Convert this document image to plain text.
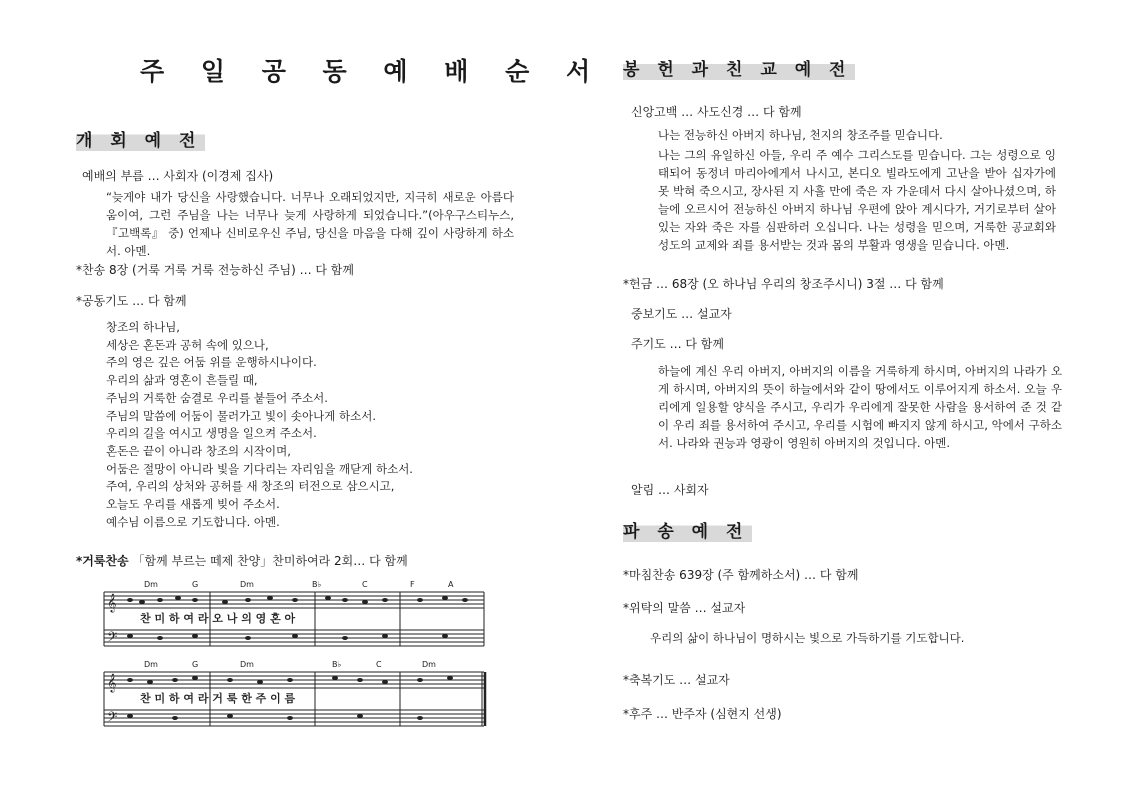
주 일 공 동 예 배 순 서
개 회 예 전
예배의 부름 … 사회자 (이경제 집사)

“늦게야 내가 당신을 사랑했습니다. 너무나 오래되었지만, 지극히 새로운 아름다움이여, 그런 주님을 나는 너무나 늦게 사랑하게 되었습니다.”(아우구스티누스, 『고백록』 중) 언제나 신비로우신 주님, 당신을 마음을 다해 깊이 사랑하게 하소서. 아멘.

*찬송 8장 (거룩 거룩 거룩 전능하신 주님) … 다 함께
*공동기도 … 다 함께
창조의 하나님,
세상은 혼돈과 공허 속에 있으나,
주의 영은 깊은 어둠 위를 운행하시나이다.
우리의 삶과 영혼이 흔들릴 때,
주님의 거룩한 숨결로 우리를 붙들어 주소서.
주님의 말씀에 어둠이 물러가고 빛이 솟아나게 하소서.
우리의 길을 여시고 생명을 일으켜 주소서.
혼돈은 끝이 아니라 창조의 시작이며,
어둠은 절망이 아니라 빛을 기다리는 자리임을 깨닫게 하소서.
주여, 우리의 상처와 공허를 새 창조의 터전으로 삼으시고,
오늘도 우리를 새롭게 빚어 주소서.
예수님 이름으로 기도합니다. 아멘.
*거룩찬송 「함께 부르는 떼제 찬양」찬미하여라 2회… 다 함께
𝄞
𝄢
𝄞
𝄢
Dm	G	Dm	B♭	C	F	A
Dm	G	Dm	B♭	C	Dm
찬 미 하 여 라 오 나 의 영 혼 아
찬 미 하 여 라 거 룩 한 주 이 름
봉 헌 과 친 교 예 전
신앙고백 … 사도신경 … 다 함께
나는 전능하신 아버지 하나님, 천지의 창조주를 믿습니다.

나는 그의 유일하신 아들, 우리 주 예수 그리스도를 믿습니다. 그는 성령으로 잉태되어 동정녀 마리아에게서 나시고, 본디오 빌라도에게 고난을 받아 십자가에 못 박혀 죽으시고, 장사된 지 사흘 만에 죽은 자 가운데서 다시 살아나셨으며, 하늘에 오르시어 전능하신 아버지 하나님 우편에 앉아 계시다가, 거기로부터 살아 있는 자와 죽은 자를 심판하러 오십니다. 나는 성령을 믿으며, 거룩한 공교회와 성도의 교제와 죄를 용서받는 것과 몸의 부활과 영생을 믿습니다. 아멘.

*헌금 … 68장 (오 하나님 우리의 창조주시니) 3절 … 다 함께
중보기도 … 설교자
주기도 … 다 함께

하늘에 계신 우리 아버지, 아버지의 이름을 거룩하게 하시며, 아버지의 나라가 오게 하시며, 아버지의 뜻이 하늘에서와 같이 땅에서도 이루어지게 하소서. 오늘 우리에게 일용할 양식을 주시고, 우리가 우리에게 잘못한 사람을 용서하여 준 것 같이 우리 죄를 용서하여 주시고, 우리를 시험에 빠지지 않게 하시고, 악에서 구하소서. 나라와 권능과 영광이 영원히 아버지의 것입니다. 아멘.

알림 … 사회자
파 송 예 전
*마침찬송 639장 (주 함께하소서) … 다 함께
*위탁의 말씀 … 설교자
우리의 삶이 하나님이 명하시는 빛으로 가득하기를 기도합니다.
*축복기도 … 설교자
*후주 … 반주자 (심현지 선생)
